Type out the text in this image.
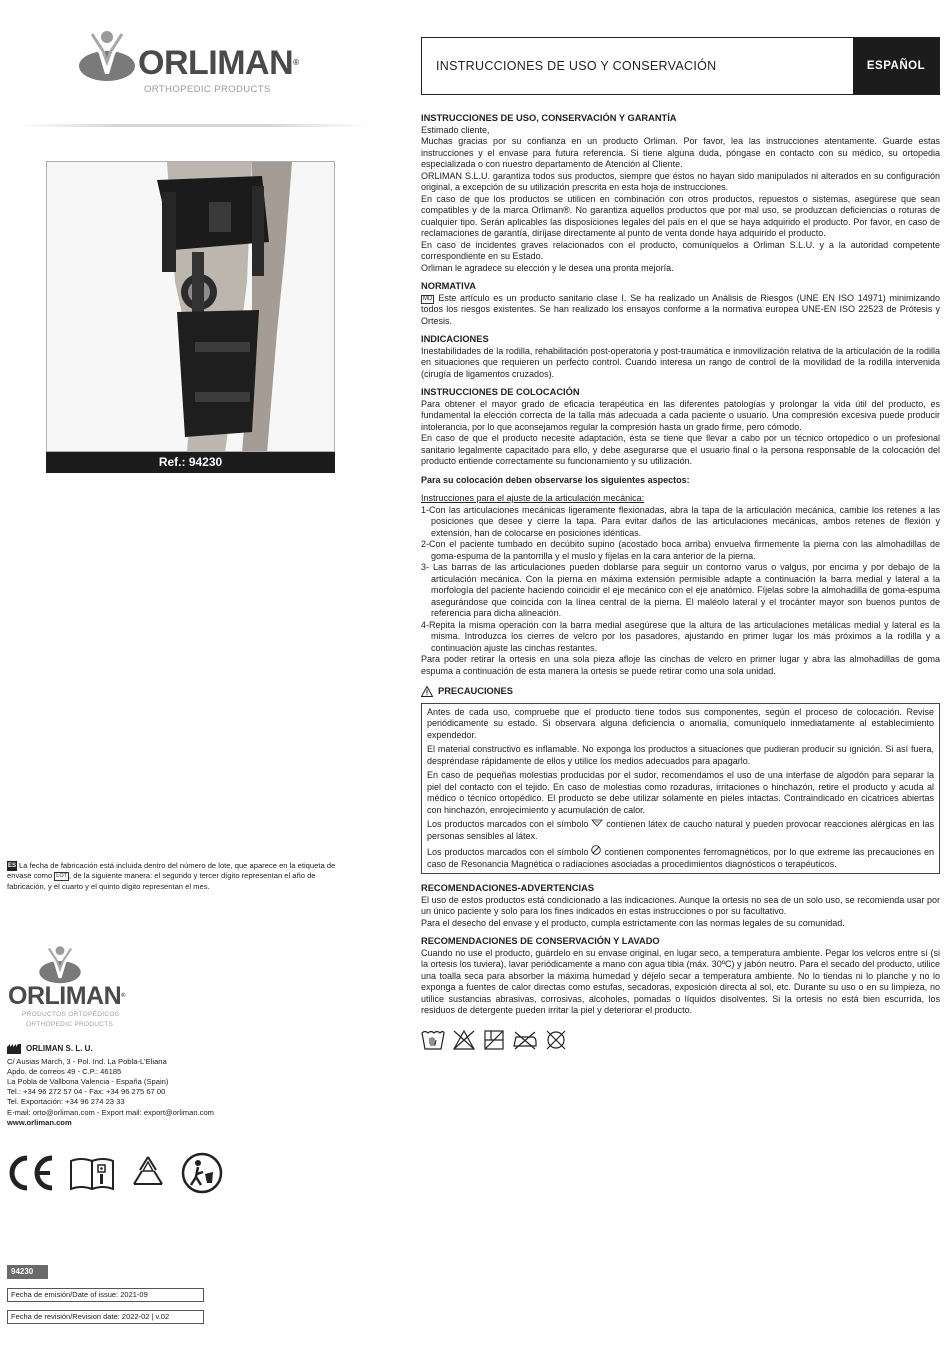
ORLIMAN®
ORTHOPEDIC PRODUCTS
Ref.: 94230
ES La fecha de fabricación está incluida dentro del número de lote, que aparece en la etiqueta de envase como LOT , de la siguiente manera: el segundo y tercer dígito representan el año de fabricación, y el cuarto y el quinto dígito representan el mes.
ORLIMAN®
PRODUCTOS ORTOPÉDICOS
ORTHOPEDIC PRODUCTS
ORLIMAN S. L. U.
C/ Ausias March, 3 - Pol. Ind. La Pobla-L'Eliana
Apdo. de correos 49 - C.P.: 46185
La Pobla de Vallbona Valencia - España (Spain)
Tel.: +34 96 272 57 04 - Fax: +34 96 275 67 00
Tel. Exportación: +34 96 274 23 33
E-mail: orto@orliman.com - Export mail: export@orliman.com
www.orliman.com
94230
Fecha de emisión/Date of issue: 2021-09
Fecha de revisión/Revision date: 2022-02 | v.02
INSTRUCCIONES DE USO Y CONSERVACIÓN	ESPAÑOL
INSTRUCCIONES DE USO, CONSERVACIÓN Y GARANTÍA

Estimado cliente,

Muchas gracias por su confianza en un producto Orliman. Por favor, lea las instrucciones atentamente. Guarde estas instrucciones y el envase para futura referencia. Si tiene alguna duda, póngase en contacto con su médico, su ortopedia especializada o con nuestro departamento de Atención al Cliente.

ORLIMAN S.L.U. garantiza todos sus productos, siempre que éstos no hayan sido manipulados ni alterados en su configuración original, a excepción de su utilización prescrita en esta hoja de instrucciones.

En caso de que los productos se utilicen en combinación con otros productos, repuestos o sistemas, asegúrese que sean compatibles y de la marca Orliman®. No garantiza aquellos productos que por mal uso, se produzcan deficiencias o roturas de cualquier tipo. Serán aplicables las disposiciones legales del país en el que se haya adquirido el producto. Por favor, en caso de reclamaciones de garantía, diríjase directamente al punto de venta donde haya adquirido el producto.

En caso de incidentes graves relacionados con el producto, comuníquelos a Orliman S.L.U. y a la autoridad competente correspondiente en su Estado.

Orliman le agradece su elección y le desea una pronta mejoría.

NORMATIVA

MD Este artículo es un producto sanitario clase I. Se ha realizado un Análisis de Riesgos (UNE EN ISO 14971) minimizando todos los riesgos existentes. Se han realizado los ensayos conforme a la normativa europea UNE-EN ISO 22523 de Prótesis y Ortesis.

INDICACIONES

Inestabilidades de la rodilla, rehabilitación post-operatoria y post-traumática e inmovilización relativa de la articulación de la rodilla en situaciones que requieren un perfecto control. Cuando interesa un rango de control de la movilidad de la rodilla intervenida (cirugía de ligamentos cruzados).

INSTRUCCIONES DE COLOCACIÓN

Para obtener el mayor grado de eficacia terapéutica en las diferentes patologías y prolongar la vida útil del producto, es fundamental la elección correcta de la talla más adecuada a cada paciente o usuario. Una compresión excesiva puede producir intolerancia, por lo que aconsejamos regular la compresión hasta un grado firme, pero cómodo.

En caso de que el producto necesite adaptación, ésta se tiene que llevar a cabo por un técnico ortopédico o un profesional sanitario legalmente capacitado para ello, y debe asegurarse que el usuario final o la persona responsable de la colocación del producto entiende correctamente su funcionamiento y su utilización.

Para su colocación deben observarse los siguientes aspectos:

Instrucciones para el ajuste de la articulación mecánica:

1-Con las articulaciones mecánicas ligeramente flexionadas, abra la tapa de la articulación mecánica, cambie los retenes a las posiciones que desee y cierre la tapa. Para evitar daños de las articulaciones mecánicas, ambos retenes de flexión y extensión, han de colocarse en posiciones idénticas.

2-Con el paciente tumbado en decúbito supino (acostado boca arriba) envuelva firmemente la pierna con las almohadillas de goma-espuma de la pantorrilla y el muslo y fíjelas en la cara anterior de la pierna.

3- Las barras de las articulaciones pueden doblarse para seguir un contorno varus o valgus, por encima y por debajo de la articulación mecánica. Con la pierna en máxima extensión permisible adapte a continuación la barra medial y lateral a la morfología del paciente haciendo coincidir el eje mecánico con el eje anatómico. Fíjelas sobre la almohadilla de goma-espuma asegurándose que coincida con la línea central de la pierna. El maléolo lateral y el trocánter mayor son buenos puntos de referencia para dicha alineación.

4-Repita la misma operación con la barra medial asegúrese que la altura de las articulaciones metálicas medial y lateral es la misma. Introduzca los cierres de velcro por los pasadores, ajustando en primer lugar los más próximos a la rodilla y a continuación ajuste las cinchas restantes.

Para poder retirar la ortesis en una sola pieza afloje las cinchas de velcro en primer lugar y abra las almohadillas de goma espuma a continuación de esta manera la ortesis se puede retirar como una sola unidad.

PRECAUCIONES

Antes de cada uso, compruebe que el producto tiene todos sus componentes, según el proceso de colocación. Revise periódicamente su estado. Si observara alguna deficiencia o anomalía, comuníquelo inmediatamente al establecimiento expendedor.

El material constructivo es inflamable. No exponga los productos a situaciones que pudieran producir su ignición. Si así fuera, despréndase rápidamente de ellos y utilice los medios adecuados para apagarlo.

En caso de pequeñas molestias producidas por el sudor, recomendamos el uso de una interfase de algodón para separar la piel del contacto con el tejido. En caso de molestias como rozaduras, irritaciones o hinchazón, retire el producto y acuda al médico o técnico ortopédico. El producto se debe utilizar solamente en pieles intactas. Contraindicado en cicatrices abiertas con hinchazón, enrojecimiento y acumulación de calor.

Los productos marcados con el símbolo contienen látex de caucho natural y pueden provocar reacciones alérgicas en las personas sensibles al látex.

Los productos marcados con el símbolo contienen componentes ferromagnéticos, por lo que extreme las precauciones en caso de Resonancia Magnética o radiaciones asociadas a procedimientos diagnósticos o terapéuticos.

RECOMENDACIONES-ADVERTENCIAS

El uso de estos productos está condicionado a las indicaciones. Aunque la ortesis no sea de un solo uso, se recomienda usar por un único paciente y solo para los fines indicados en estas instrucciones o por su facultativo.

Para el desecho del envase y el producto, cumpla estrictamente con las normas legales de su comunidad.

RECOMENDACIONES DE CONSERVACIÓN Y LAVADO

Cuando no use el producto, guárdelo en su envase original, en lugar seco, a temperatura ambiente. Pegar los velcros entre sí (si la ortesis los tuviera), lavar periódicamente a mano con agua tibia (máx. 30ºC) y jabón neutro. Para el secado del producto, utilice una toalla seca para absorber la máxima humedad y déjelo secar a temperatura ambiente. No lo tiendas ni lo planche y no lo exponga a fuentes de calor directas como estufas, secadoras, exposición directa al sol, etc. Durante su uso o en su limpieza, no utilice sustancias abrasivas, corrosivas, alcoholes, pomadas o líquidos disolventes. Si la ortesis no está bien escurrida, los residuos de detergente pueden irritar la piel y deteriorar el producto.
